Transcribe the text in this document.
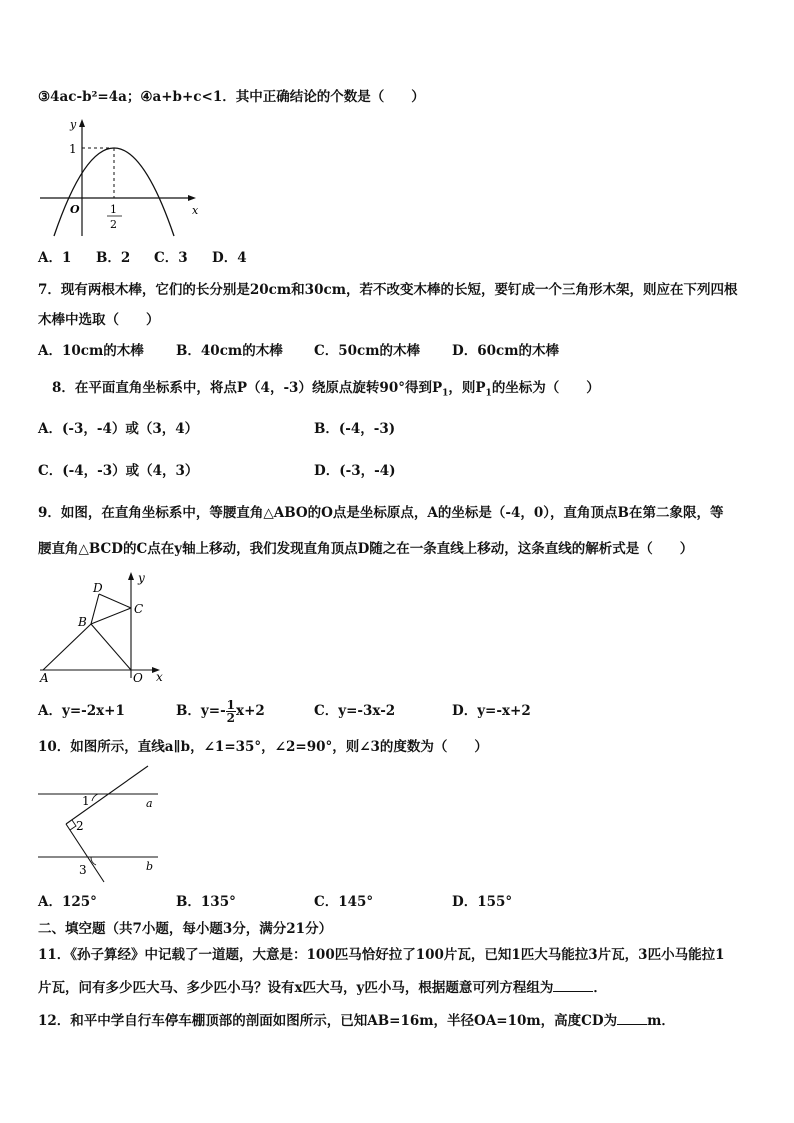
③4ac-b²=4a；④a+b+c<1．其中正确结论的个数是（　　）
y
x
O
1
1
2
A．1 B．2 C．3 D．4
7．现有两根木棒，它们的长分别是20cm和30cm，若不改变木棒的长短，要钉成一个三角形木架，则应在下列四根
木棒中选取（　　）
A．10cm的木棒 B．40cm的木棒 C．50cm的木棒 D．60cm的木棒
8．在平面直角坐标系中，将点P（4，-3）绕原点旋转90°得到$P_1$，则$P_1$的坐标为（　　）
A．(-3，-4）或（3，4）	B．(-4，-3)
C．(-4，-3）或（4，3）	D．(-3，-4)
9．如图，在直角坐标系中，等腰直角△ABO的O点是坐标原点，A的坐标是（-4，0），直角顶点B在第二象限，等
腰直角△BCD的C点在y轴上移动，我们发现直角顶点D随之在一条直线上移动，这条直线的解析式是（　　）
y
x
D
C
B
A	O
A．y=-2x+1	B．$y=- \frac{1}{2} x+2$	C．y=-3x-2	D．y=-x+2
10．如图所示，直线a∥b，∠1=35°，∠2=90°，则∠3的度数为（　　）
a
b
1
2
3
A．125°	B．135°	C．145°	D．155°
二、填空题（共7小题，每小题3分，满分21分）
11．《孙子算经》中记载了一道题，大意是：100匹马恰好拉了100片瓦，已知1匹大马能拉3片瓦，3匹小马能拉1
片瓦，问有多少匹大马、多少匹小马？设有x匹大马，y匹小马，根据题意可列方程组为	．
12．和平中学自行车停车棚顶部的剖面如图所示，已知AB=16m，半径OA=10m，高度CD为 m．
